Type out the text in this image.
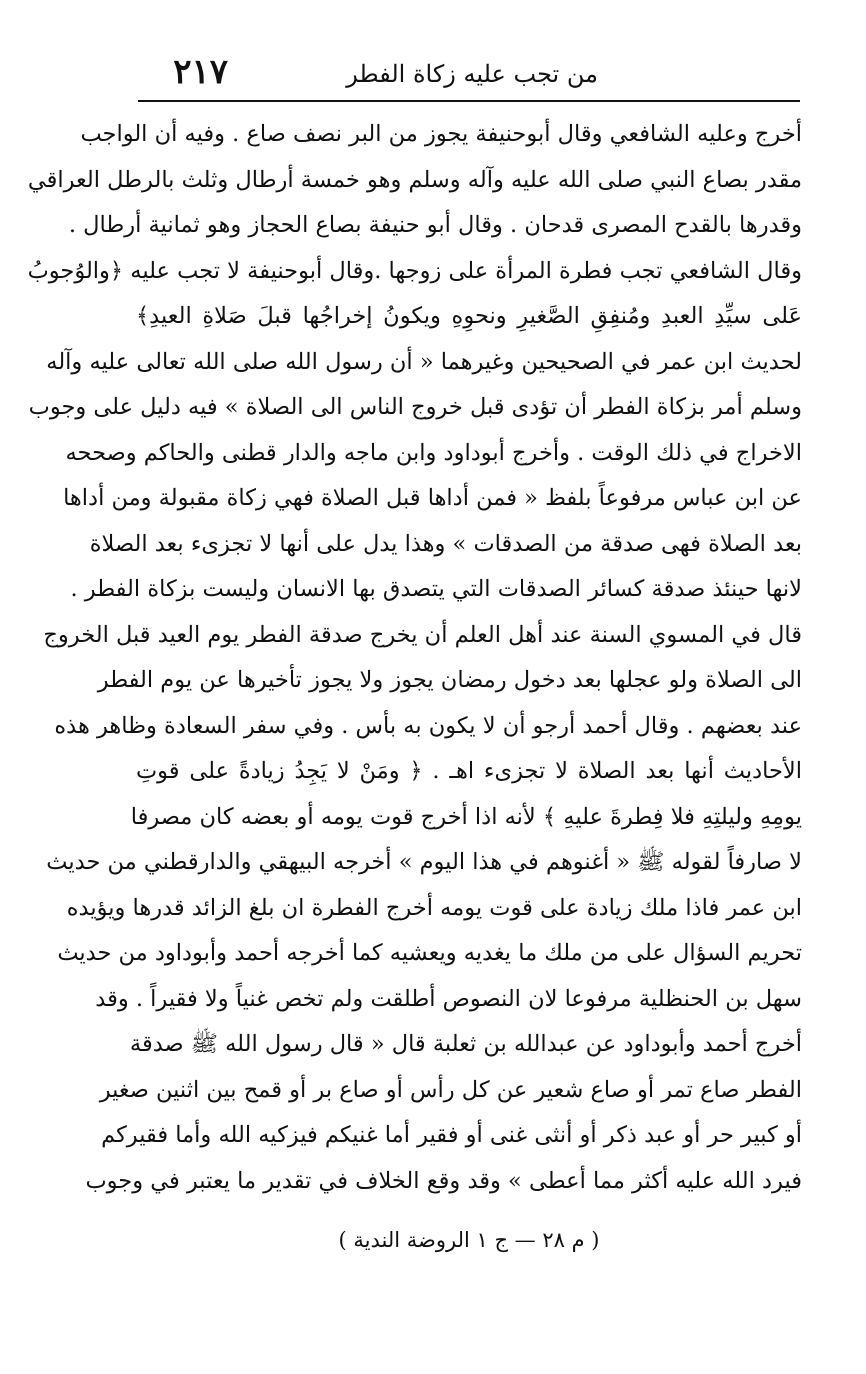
٢١٧	من تجب عليه زكاة الفطر
أخرج وعليه الشافعي وقال أبوحنيفة يجوز من البر نصف صاع . وفيه أن الواجب
مقدر بصاع النبي صلى الله عليه وآله وسلم وهو خمسة أرطال وثلث بالرطل العراقي
وقدرها بالقدح المصرى قدحان . وقال أبو حنيفة بصاع الحجاز وهو ثمانية أرطال .
وقال الشافعي تجب فطرة المرأة على زوجها .وقال أبوحنيفة لا تجب عليه ﴿والوُجوبُ
عَلى سيِّدِ العبدِ ومُنفِقِ الصَّغيرِ ونحوِهِ ويكونُ إخراجُها قبلَ صَلاةِ العيدِ﴾
لحديث ابن عمر في الصحيحين وغيرهما « أن رسول الله صلى الله تعالى عليه وآله
وسلم أمر بزكاة الفطر أن تؤدى قبل خروج الناس الى الصلاة » فيه دليل على وجوب
الاخراج في ذلك الوقت . وأخرج أبوداود وابن ماجه والدار قطنى والحاكم وصححه
عن ابن عباس مرفوعاً بلفظ « فمن أداها قبل الصلاة فهي زكاة مقبولة ومن أداها
بعد الصلاة فهى صدقة من الصدقات » وهذا يدل على أنها لا تجزىء بعد الصلاة
لانها حينئذ صدقة كسائر الصدقات التي يتصدق بها الانسان وليست بزكاة الفطر .
قال في المسوي السنة عند أهل العلم أن يخرج صدقة الفطر يوم العيد قبل الخروج
الى الصلاة ولو عجلها بعد دخول رمضان يجوز ولا يجوز تأخيرها عن يوم الفطر
عند بعضهم . وقال أحمد أرجو أن لا يكون به بأس . وفي سفر السعادة وظاهر هذه
الأحاديث أنها بعد الصلاة لا تجزىء اهـ . ﴿ ومَنْ لا يَجِدُ زيادةً على قوتِ
يومِهِ وليلتِهِ فلا فِطرةَ عليهِ ﴾ لأنه اذا أخرج قوت يومه أو بعضه كان مصرفا
لا صارفاً لقوله ﷺ « أغنوهم في هذا اليوم » أخرجه البيهقي والدارقطني من حديث
ابن عمر فاذا ملك زيادة على قوت يومه أخرج الفطرة ان بلغ الزائد قدرها ويؤيده
تحريم السؤال على من ملك ما يغديه ويعشيه كما أخرجه أحمد وأبوداود من حديث
سهل بن الحنظلية مرفوعا لان النصوص أطلقت ولم تخص غنياً ولا فقيراً . وقد
أخرج أحمد وأبوداود عن عبدالله بن ثعلبة قال « قال رسول الله ﷺ صدقة
الفطر صاع تمر أو صاع شعير عن كل رأس أو صاع بر أو قمح بين اثنين صغير
أو كبير حر أو عبد ذكر أو أنثى غنى أو فقير أما غنيكم فيزكيه الله وأما فقيركم
فيرد الله عليه أكثر مما أعطى » وقد وقع الخلاف في تقدير ما يعتبر في وجوب
( م ٢٨ — ج ١ الروضة الندية )
